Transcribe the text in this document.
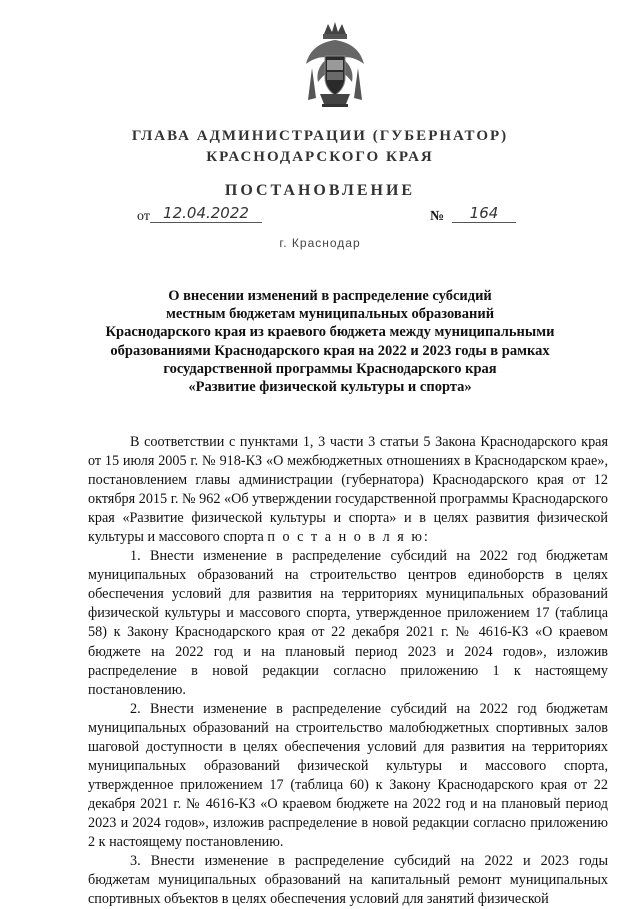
ГЛАВА АДМИНИСТРАЦИИ (ГУБЕРНАТОР)
КРАСНОДАРСКОГО КРАЯ
ПОСТАНОВЛЕНИЕ
от 12.04.2022	№	164
г. Краснодар
О внесении изменений в распределение субсидий
местным бюджетам муниципальных образований
Краснодарского края из краевого бюджета между муниципальными
образованиями Краснодарского края на 2022 и 2023 годы в рамках
государственной программы Краснодарского края
«Развитие физической культуры и спорта»

В соответствии с пунктами 1, 3 части 3 статьи 5 Закона Краснодарского края от 15 июля 2005 г. № 918-КЗ «О межбюджетных отношениях в Краснодарском крае», постановлением главы администрации (губернатора) Краснодарского края от 12 октября 2015 г. № 962 «Об утверждении государственной программы Краснодарского края «Развитие физической культуры и спорта» и в целях развития физической культуры и массового спорта п о с т а н о в л я ю:

1. Внести изменение в распределение субсидий на 2022 год бюджетам муниципальных образований на строительство центров единоборств в целях обеспечения условий для развития на территориях муниципальных образований физической культуры и массового спорта, утвержденное приложением 17 (таблица 58) к Закону Краснодарского края от 22 декабря 2021 г. № 4616-КЗ «О краевом бюджете на 2022 год и на плановый период 2023 и 2024 годов», изложив распределение в новой редакции согласно приложению 1 к настоящему постановлению.

2. Внести изменение в распределение субсидий на 2022 год бюджетам муниципальных образований на строительство малобюджетных спортивных залов шаговой доступности в целях обеспечения условий для развития на территориях муниципальных образований физической культуры и массового спорта, утвержденное приложением 17 (таблица 60) к Закону Краснодарского края от 22 декабря 2021 г. № 4616-КЗ «О краевом бюджете на 2022 год и на плановый период 2023 и 2024 годов», изложив распределение в новой редакции согласно приложению 2 к настоящему постановлению.

3. Внести изменение в распределение субсидий на 2022 и 2023 годы бюджетам муниципальных образований на капитальный ремонт муниципальных спортивных объектов в целях обеспечения условий для занятий физической
